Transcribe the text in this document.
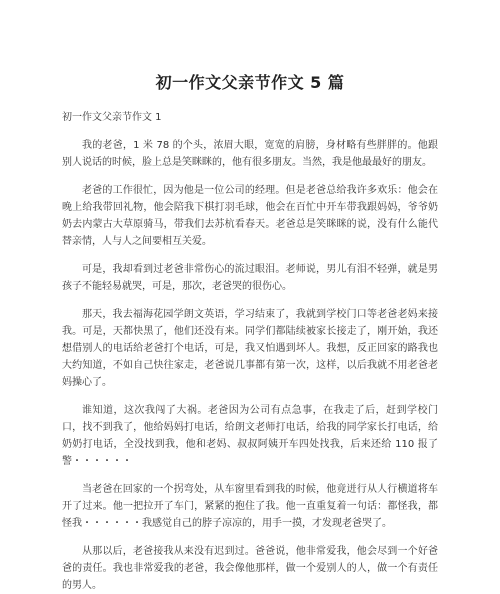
初一作文父亲节作文 5 篇
初一作文父亲节作文 1

我的老爸，1 米 78 的个头，浓眉大眼，宽宽的肩膀，身材略有些胖胖的。他跟别人说话的时候，脸上总是笑眯眯的，他有很多朋友。当然，我是他最最好的朋友。

老爸的工作很忙，因为他是一位公司的经理。但是老爸总给我许多欢乐：他会在晚上给我带回礼物，他会陪我下棋打羽毛球，他会在百忙中开车带我跟妈妈，爷爷奶奶去内蒙古大草原骑马，带我们去苏杭看春天。老爸总是笑眯眯的说，没有什么能代替亲情，人与人之间要相互关爱。

可是，我却看到过老爸非常伤心的流过眼泪。老师说，男儿有泪不轻弹，就是男孩子不能轻易就哭，可是，那次，老爸哭的很伤心。

那天，我去福海花园学朗文英语，学习结束了，我就到学校门口等老爸老妈来接我。可是，天都快黑了，他们还没有来。同学们都陆续被家长接走了，刚开始，我还想借别人的电话给老爸打个电话，可是，我又怕遇到坏人。我想，反正回家的路我也大约知道，不如自己快往家走，老爸说几事都有第一次，这样，以后我就不用老爸老妈操心了。

谁知道，这次我闯了大祸。老爸因为公司有点急事，在我走了后，赶到学校门口，找不到我了，他给妈妈打电话，给朗文老师打电话，给我的同学家长打电话，给奶奶打电话，全没找到我，他和老妈、叔叔阿姨开车四处找我，后来还给 110 报了警・・・・・・

当老爸在回家的一个拐弯处，从车窗里看到我的时候，他竟迸行从人行横道将车开了过来。他一把拉开了车门，紧紧的抱住了我。他一直重复着一句话：都怪我，都怪我・・・・・・我感觉自己的脖子凉凉的，用手一摸，才发现老爸哭了。

从那以后，老爸接我从来没有迟到过。爸爸说，他非常爱我，他会尽到一个好爸爸的责任。我也非常爱我的老爸，我会像他那样，做一个爱别人的人，做一个有责任的男人。
